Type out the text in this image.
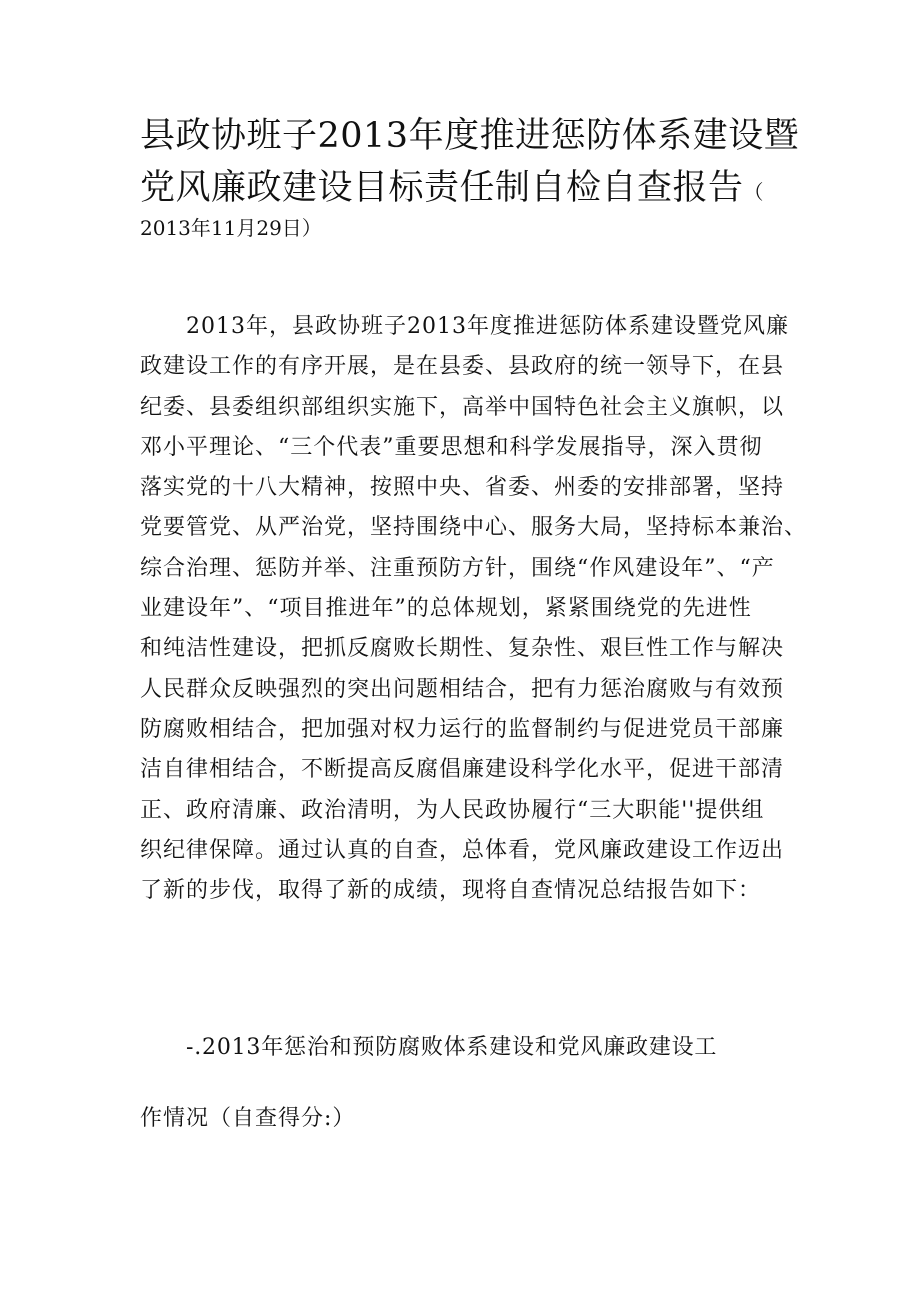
县政协班子2013年度推进惩防体系建设暨
党风廉政建设目标责任制自检自查报告（
2013年11月29日）
2013年，县政协班子2013年度推进惩防体系建设暨党风廉
政建设工作的有序开展，是在县委、县政府的统一领导下，在县
纪委、县委组织部组织实施下，高举中国特色社会主义旗帜，以
邓小平理论、“三个代表”重要思想和科学发展指导，深入贯彻
落实党的十八大精神，按照中央、省委、州委的安排部署，坚持
党要管党、从严治党，坚持围绕中心、服务大局，坚持标本兼治、
综合治理、惩防并举、注重预防方针，围绕“作风建设年”、“产
业建设年”、“项目推进年”的总体规划，紧紧围绕党的先进性
和纯洁性建设，把抓反腐败长期性、复杂性、艰巨性工作与解决
人民群众反映强烈的突出问题相结合，把有力惩治腐败与有效预
防腐败相结合，把加强对权力运行的监督制约与促进党员干部廉
洁自律相结合，不断提高反腐倡廉建设科学化水平，促进干部清
正、政府清廉、政治清明，为人民政协履行“三大职能''提供组
织纪律保障。通过认真的自查，总体看，党风廉政建设工作迈出
了新的步伐，取得了新的成绩，现将自查情况总结报告如下：
-.2013年惩治和预防腐败体系建设和党风廉政建设工
作情况（自查得分:）
